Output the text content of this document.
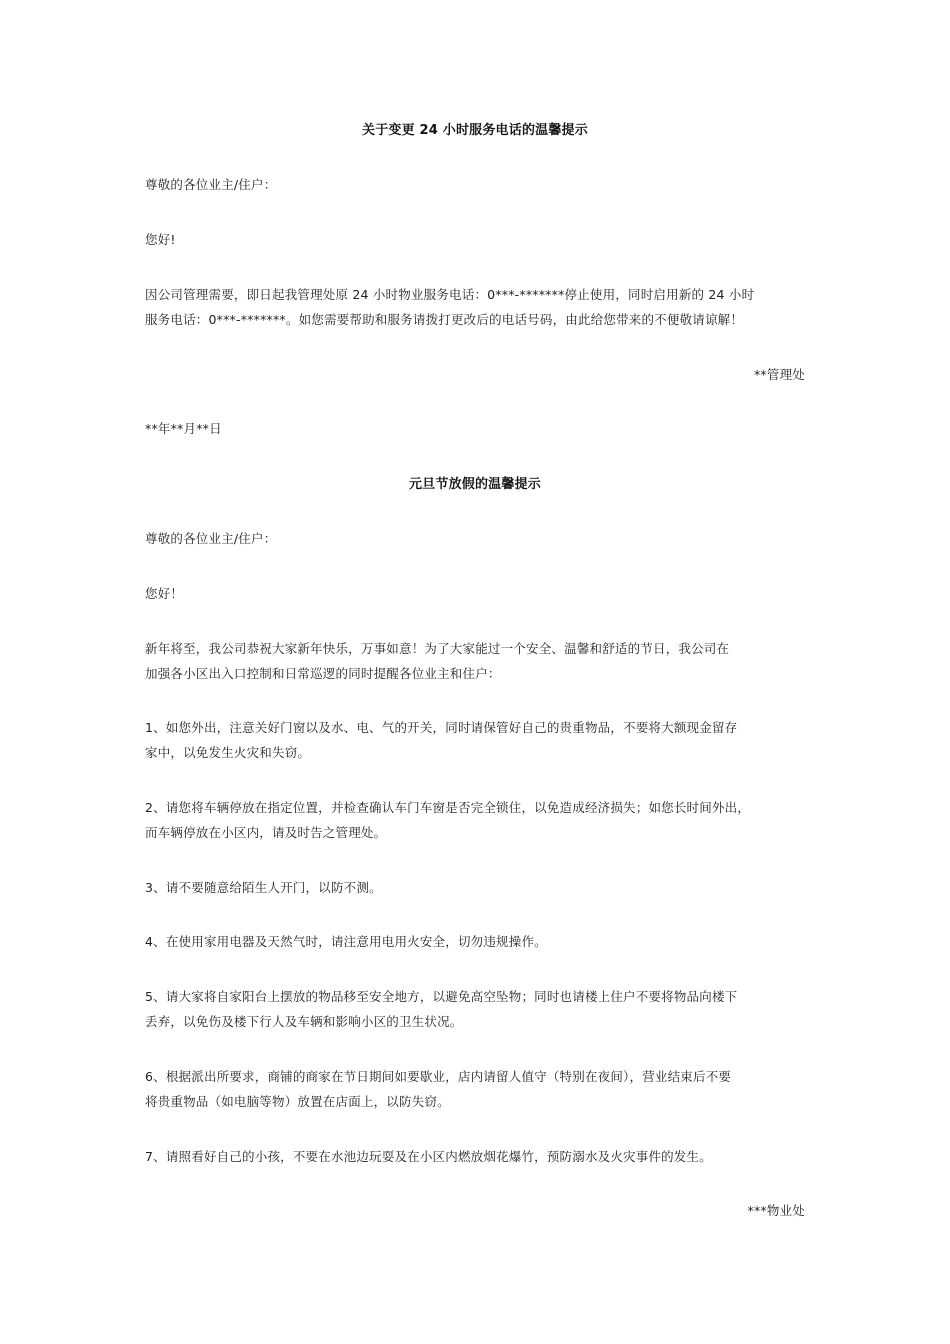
关于变更 24 小时服务电话的温馨提示
尊敬的各位业主/住户：
您好!
因公司管理需要，即日起我管理处原 24 小时物业服务电话：0***-*******停止使用，同时启用新的 24 小时
服务电话：0***-*******。如您需要帮助和服务请拨打更改后的电话号码，由此给您带来的不便敬请谅解！
**管理处
**年**月**日
元旦节放假的温馨提示
尊敬的各位业主/住户：
您好！
新年将至，我公司恭祝大家新年快乐，万事如意！为了大家能过一个安全、温馨和舒适的节日，我公司在
加强各小区出入口控制和日常巡逻的同时提醒各位业主和住户：
1、如您外出，注意关好门窗以及水、电、气的开关，同时请保管好自己的贵重物品，不要将大额现金留存
家中，以免发生火灾和失窃。
2、请您将车辆停放在指定位置，并检查确认车门车窗是否完全锁住，以免造成经济损失；如您长时间外出，
而车辆停放在小区内，请及时告之管理处。
3、请不要随意给陌生人开门，以防不测。
4、在使用家用电器及天然气时，请注意用电用火安全，切勿违规操作。
5、请大家将自家阳台上摆放的物品移至安全地方，以避免高空坠物；同时也请楼上住户不要将物品向楼下
丢弃，以免伤及楼下行人及车辆和影响小区的卫生状况。
6、根据派出所要求，商铺的商家在节日期间如要歇业，店内请留人值守（特别在夜间），营业结束后不要
将贵重物品（如电脑等物）放置在店面上，以防失窃。
7、请照看好自己的小孩，不要在水池边玩耍及在小区内燃放烟花爆竹，预防溺水及火灾事件的发生。
***物业处
